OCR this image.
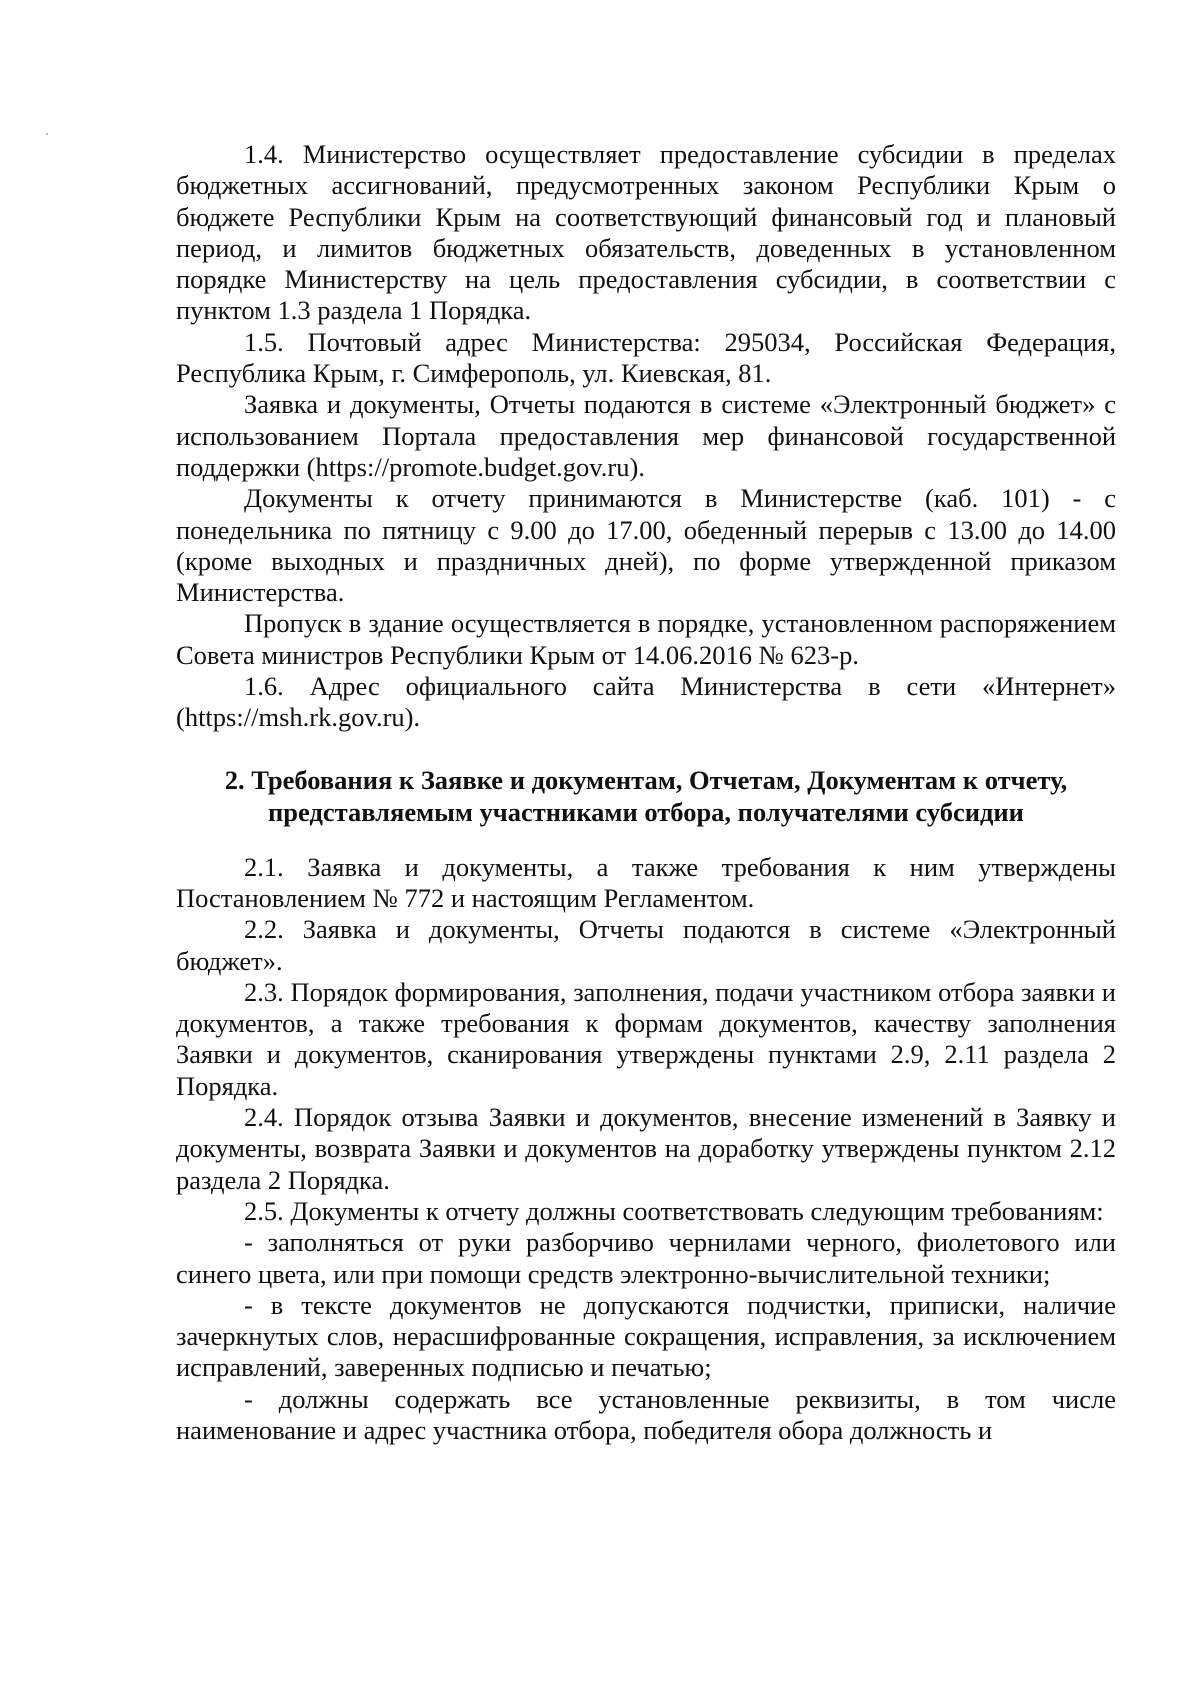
1.4. Министерство осуществляет предоставление субсидии в пределах бюджетных ассигнований, предусмотренных законом Республики Крым о бюджете Республики Крым на соответствующий финансовый год и плановый период, и лимитов бюджетных обязательств, доведенных в установленном порядке Министерству на цель предоставления субсидии, в соответствии с пунктом 1.3 раздела 1 Порядка.

1.5. Почтовый адрес Министерства: 295034, Российская Федерация, Республика Крым, г. Симферополь, ул. Киевская, 81.

Заявка и документы, Отчеты подаются в системе «Электронный бюджет» с использованием Портала предоставления мер финансовой государственной поддержки (https://promote.budget.gov.ru).

Документы к отчету принимаются в Министерстве (каб. 101) - с понедельника по пятницу с 9.00 до 17.00, обеденный перерыв с 13.00 до 14.00 (кроме выходных и праздничных дней), по форме утвержденной приказом Министерства.

Пропуск в здание осуществляется в порядке, установленном распоряжением Совета министров Республики Крым от 14.06.2016 № 623-р.

1.6. Адрес официального сайта Министерства в сети «Интернет» (https://msh.rk.gov.ru).

2. Требования к Заявке и документам, Отчетам, Документам к отчету,
представляемым участниками отбора, получателями субсидии

2.1. Заявка и документы, а также требования к ним утверждены Постановлением № 772 и настоящим Регламентом.

2.2. Заявка и документы, Отчеты подаются в системе «Электронный бюджет».

2.3. Порядок формирования, заполнения, подачи участником отбора заявки и документов, а также требования к формам документов, качеству заполнения Заявки и документов, сканирования утверждены пунктами 2.9, 2.11 раздела 2 Порядка.

2.4. Порядок отзыва Заявки и документов, внесение изменений в Заявку и документы, возврата Заявки и документов на доработку утверждены пунктом 2.12 раздела 2 Порядка.

2.5. Документы к отчету должны соответствовать следующим требованиям:

- заполняться от руки разборчиво чернилами черного, фиолетового или синего цвета, или при помощи средств электронно-вычислительной техники;

- в тексте документов не допускаются подчистки, приписки, наличие зачеркнутых слов, нерасшифрованные сокращения, исправления, за исключением исправлений, заверенных подписью и печатью;

- должны содержать все установленные реквизиты, в том числе наименование и адрес участника отбора, победителя обора должность и
